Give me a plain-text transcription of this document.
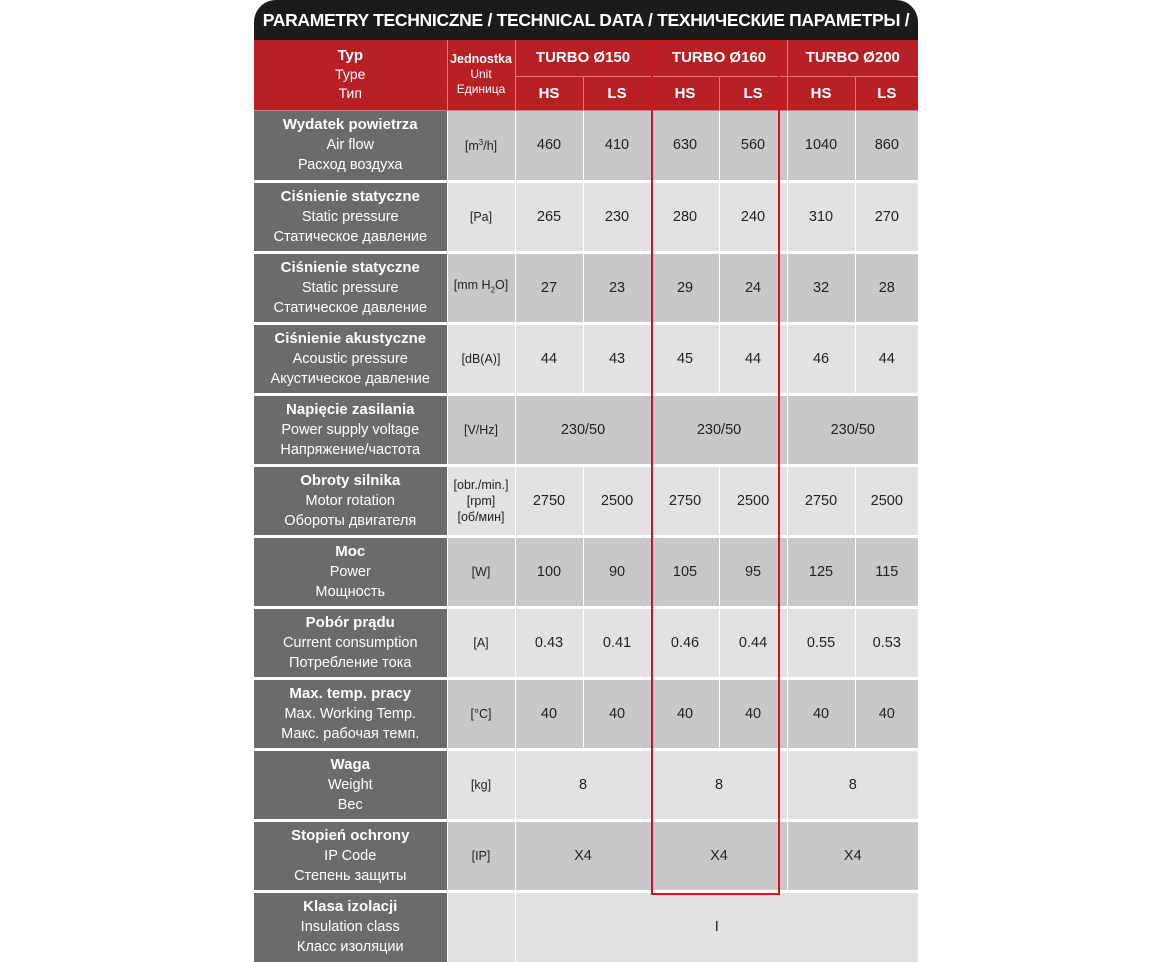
PARAMETRY TECHNICZNE / TECHNICAL DATA / ТЕХНИЧЕСКИЕ ПАРАМЕТРЫ /
Typ
Type
Тип	Jednostka
Unit
Единица	TURBO Ø150		TURBO Ø160		TURBO Ø200	
		HS	LS	HS	LS	HS	LS

Wydatek powietrza
Air flow
Расход воздуха	$[m^3/h]$	460	410	630	560	1040	860

Ciśnienie statyczne
Static pressure
Статическое давление	[Pa]	265	230	280	240	310	270

Ciśnienie statyczne
Static pressure
Статическое давление	[mm $H_2O$]	27	23	29	24	32	28

Ciśnienie akustyczne
Acoustic pressure
Акустическое давление	[dB(A)]	44	43	45	44	46	44

Napięcie zasilania
Power supply voltage
Напряжение/частота	[V/Hz]	230/50		230/50		230/50	

Obroty silnika
Motor rotation
Обороты двигателя	[obr./min.]
[rpm]
[об/мин]	2750	2500	2750	2500	2750	2500

Moc
Power
Мощность	[W]	100	90	105	95	125	115

Pobór prądu
Current consumption
Потребление тока	[A]	0.43	0.41	0.46	0.44	0.55	0.53

Max. temp. pracy
Max. Working Temp.
Макс. рабочая темп.	[°C]	40	40	40	40	40	40

Waga
Weight
Вес	[kg]	8		8		8	

Stopień ochrony
IP Code
Степень защиты	[IP]	X4		X4		X4	

Klasa izolacji
Insulation class
Класс изоляции		I					
